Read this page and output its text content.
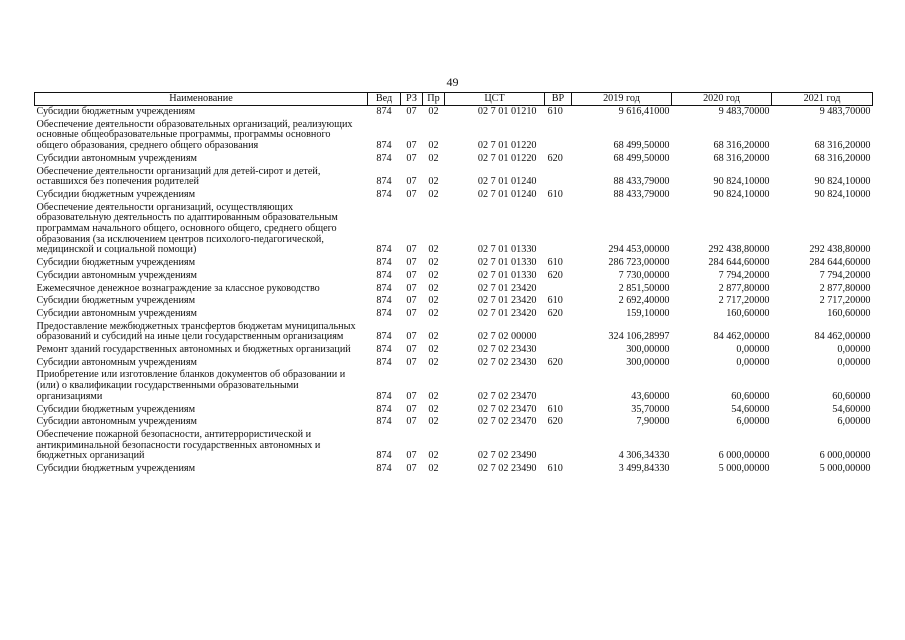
49
Наименование	Вед	РЗ	Пр	ЦСТ	ВР	2019 год	2020 год	2021 год
Субсидии бюджетным учреждениям	874	07	02	02 7 01 01210	610	9 616,41000	9 483,70000	9 483,70000
Обеспечение деятельности образовательных организаций, реализующих основные общеобразовательные программы, программы основного общего образования, среднего общего образования	874	07	02	02 7 01 01220		68 499,50000	68 316,20000	68 316,20000
Субсидии автономным учреждениям	874	07	02	02 7 01 01220	620	68 499,50000	68 316,20000	68 316,20000
Обеспечение деятельности организаций для детей-сирот и детей, оставшихся без попечения родителей	874	07	02	02 7 01 01240		88 433,79000	90 824,10000	90 824,10000
Субсидии бюджетным учреждениям	874	07	02	02 7 01 01240	610	88 433,79000	90 824,10000	90 824,10000
Обеспечение деятельности организаций, осуществляющих образовательную деятельность по адаптированным образовательным программам начального общего, основного общего, среднего общего образования (за исключением центров психолого-педагогической, медицинской и социальной помощи)	874	07	02	02 7 01 01330		294 453,00000	292 438,80000	292 438,80000
Субсидии бюджетным учреждениям	874	07	02	02 7 01 01330	610	286 723,00000	284 644,60000	284 644,60000
Субсидии автономным учреждениям	874	07	02	02 7 01 01330	620	7 730,00000	7 794,20000	7 794,20000
Ежемесячное денежное вознаграждение за классное руководство	874	07	02	02 7 01 23420		2 851,50000	2 877,80000	2 877,80000
Субсидии бюджетным учреждениям	874	07	02	02 7 01 23420	610	2 692,40000	2 717,20000	2 717,20000
Субсидии автономным учреждениям	874	07	02	02 7 01 23420	620	159,10000	160,60000	160,60000
Предоставление межбюджетных трансфертов бюджетам муниципальных образований и субсидий на иные цели государственным организациям	874	07	02	02 7 02 00000		324 106,28997	84 462,00000	84 462,00000
Ремонт зданий государственных автономных и бюджетных организаций	874	07	02	02 7 02 23430		300,00000	0,00000	0,00000
Субсидии автономным учреждениям	874	07	02	02 7 02 23430	620	300,00000	0,00000	0,00000
Приобретение или изготовление бланков документов об образовании и (или) о квалификации государственными образовательными организациями	874	07	02	02 7 02 23470		43,60000	60,60000	60,60000
Субсидии бюджетным учреждениям	874	07	02	02 7 02 23470	610	35,70000	54,60000	54,60000
Субсидии автономным учреждениям	874	07	02	02 7 02 23470	620	7,90000	6,00000	6,00000
Обеспечение пожарной безопасности, антитеррористической и антикриминальной безопасности государственных автономных и бюджетных организаций	874	07	02	02 7 02 23490		4 306,34330	6 000,00000	6 000,00000
Субсидии бюджетным учреждениям	874	07	02	02 7 02 23490	610	3 499,84330	5 000,00000	5 000,00000
